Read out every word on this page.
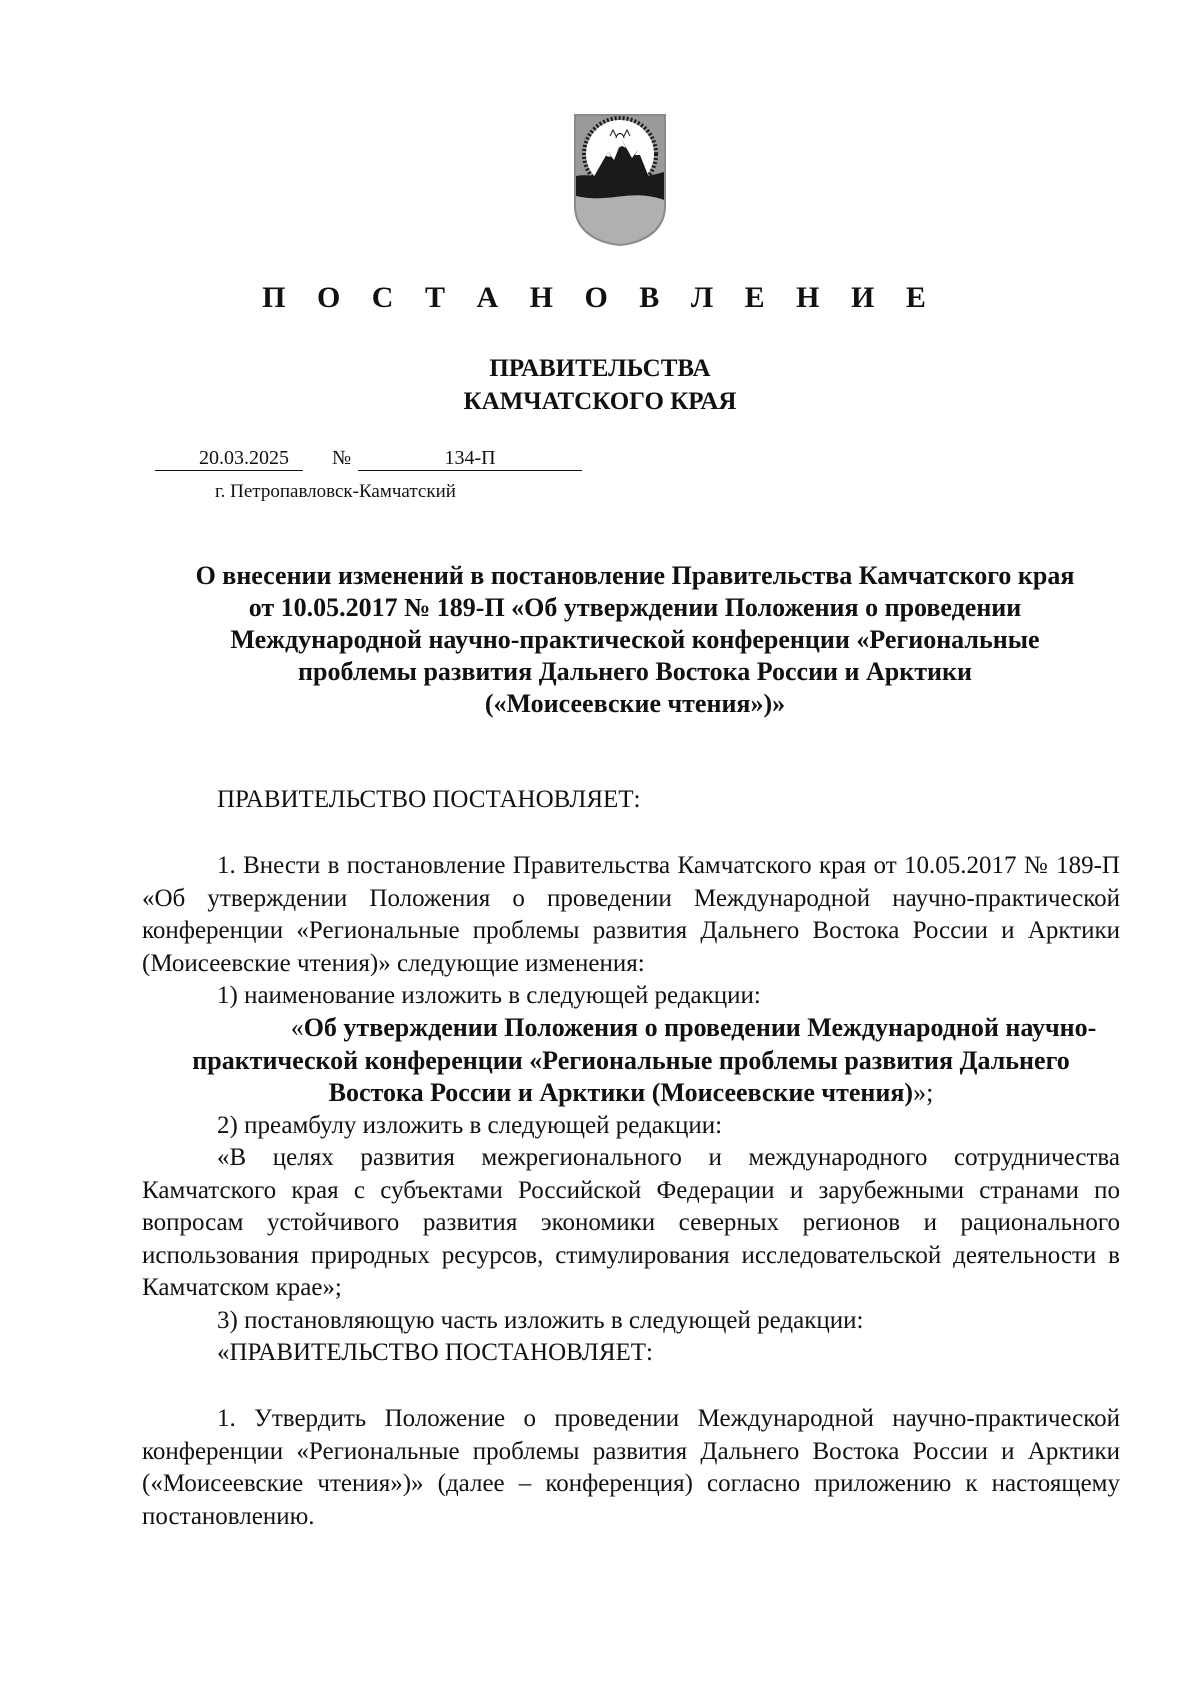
П О С Т А Н О В Л Е Н И Е
ПРАВИТЕЛЬСТВА
КАМЧАТСКОГО КРАЯ
20.03.2025	№	134-П
г. Петропавловск-Камчатский
О внесении изменений в постановление Правительства Камчатского края
от 10.05.2017 № 189-П «Об утверждении Положения о проведении
Международной научно-практической конференции «Региональные
проблемы развития Дальнего Востока России и Арктики
(«Моисеевские чтения»)»
ПРАВИТЕЛЬСТВО ПОСТАНОВЛЯЕТ:

1. Внести в постановление Правительства Камчатского края от 10.05.2017 № 189-П «Об утверждении Положения о проведении Международной научно-практической конференции «Региональные проблемы развития Дальнего Востока России и Арктики (Моисеевские чтения)» следующие изменения:

1) наименование изложить в следующей редакции:
«Об утверждении Положения о проведении Международной научно-практической конференции «Региональные проблемы развития Дальнего Востока России и Арктики (Моисеевские чтения)»;
2) преамбулу изложить в следующей редакции:

«В целях развития межрегионального и международного сотрудничества Камчатского края с субъектами Российской Федерации и зарубежными странами по вопросам устойчивого развития экономики северных регионов и рационального использования природных ресурсов, стимулирования исследовательской деятельности в Камчатском крае»;

3) постановляющую часть изложить в следующей редакции:
«ПРАВИТЕЛЬСТВО ПОСТАНОВЛЯЕТ:

1. Утвердить Положение о проведении Международной научно-практической конференции «Региональные проблемы развития Дальнего Востока России и Арктики («Моисеевские чтения»)» (далее – конференция) согласно приложению к настоящему постановлению.
